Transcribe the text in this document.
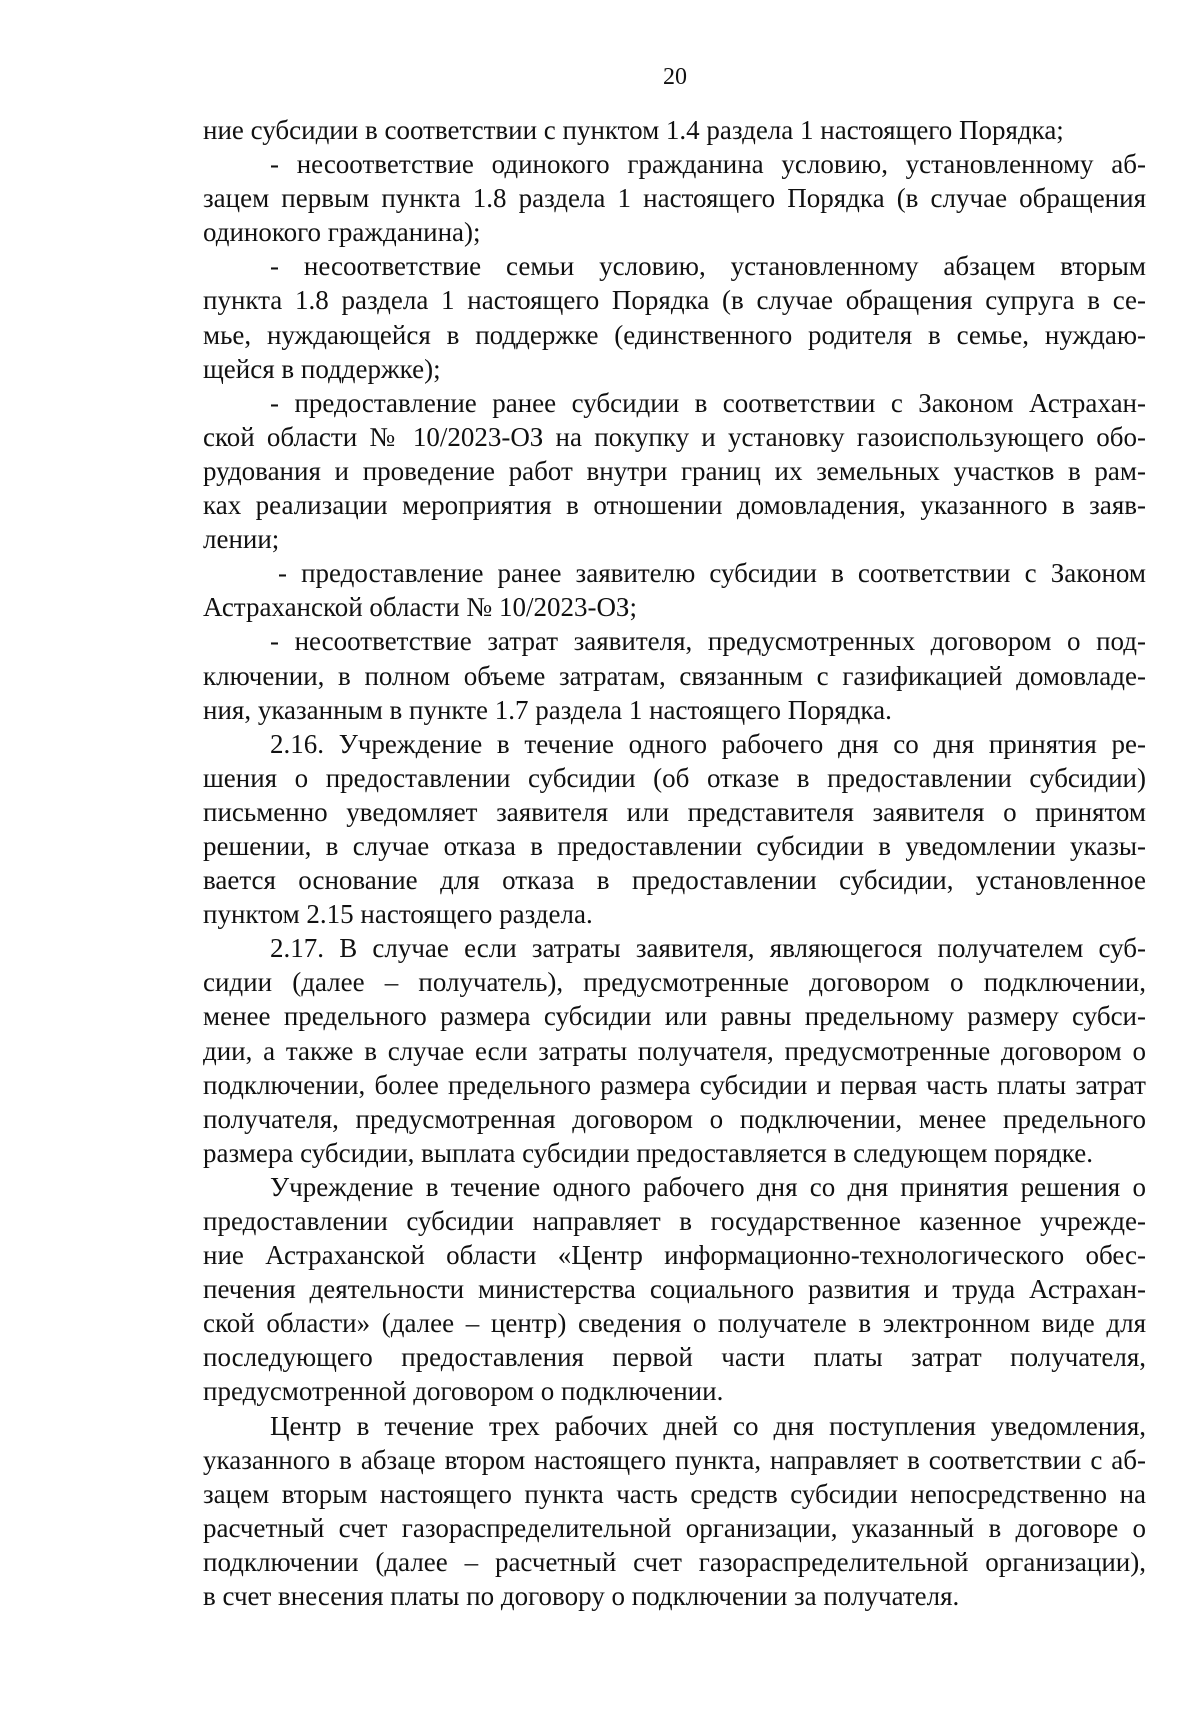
20
ние субсидии в соответствии с пунктом 1.4 раздела 1 настоящего Порядка;
- несоответствие одинокого гражданина условию, установленному аб-
зацем первым пункта 1.8 раздела 1 настоящего Порядка (в случае обращения
одинокого гражданина);
- несоответствие семьи условию, установленному абзацем вторым
пункта 1.8 раздела 1 настоящего Порядка (в случае обращения супруга в се-
мье, нуждающейся в поддержке (единственного родителя в семье, нуждаю-
щейся в поддержке);
- предоставление ранее субсидии в соответствии с Законом Астрахан-
ской области № 10/2023-ОЗ на покупку и установку газоиспользующего обо-
рудования и проведение работ внутри границ их земельных участков в рам-
ках реализации мероприятия в отношении домовладения, указанного в заяв-
лении;
- предоставление ранее заявителю субсидии в соответствии с Законом
Астраханской области № 10/2023-ОЗ;
- несоответствие затрат заявителя, предусмотренных договором о под-
ключении, в полном объеме затратам, связанным с газификацией домовладе-
ния, указанным в пункте 1.7 раздела 1 настоящего Порядка.
2.16. Учреждение в течение одного рабочего дня со дня принятия ре-
шения о предоставлении субсидии (об отказе в предоставлении субсидии)
письменно уведомляет заявителя или представителя заявителя о принятом
решении, в случае отказа в предоставлении субсидии в уведомлении указы-
вается основание для отказа в предоставлении субсидии, установленное
пунктом 2.15 настоящего раздела.
2.17. В случае если затраты заявителя, являющегося получателем суб-
сидии (далее – получатель), предусмотренные договором о подключении,
менее предельного размера субсидии или равны предельному размеру субси-
дии, а также в случае если затраты получателя, предусмотренные договором о
подключении, более предельного размера субсидии и первая часть платы затрат
получателя, предусмотренная договором о подключении, менее предельного
размера субсидии, выплата субсидии предоставляется в следующем порядке.
Учреждение в течение одного рабочего дня со дня принятия решения о
предоставлении субсидии направляет в государственное казенное учрежде-
ние Астраханской области «Центр информационно-технологического обес-
печения деятельности министерства социального развития и труда Астрахан-
ской области» (далее – центр) сведения о получателе в электронном виде для
последующего предоставления первой части платы затрат получателя,
предусмотренной договором о подключении.
Центр в течение трех рабочих дней со дня поступления уведомления,
указанного в абзаце втором настоящего пункта, направляет в соответствии с аб-
зацем вторым настоящего пункта часть средств субсидии непосредственно на
расчетный счет газораспределительной организации, указанный в договоре о
подключении (далее – расчетный счет газораспределительной организации),
в счет внесения платы по договору о подключении за получателя.
